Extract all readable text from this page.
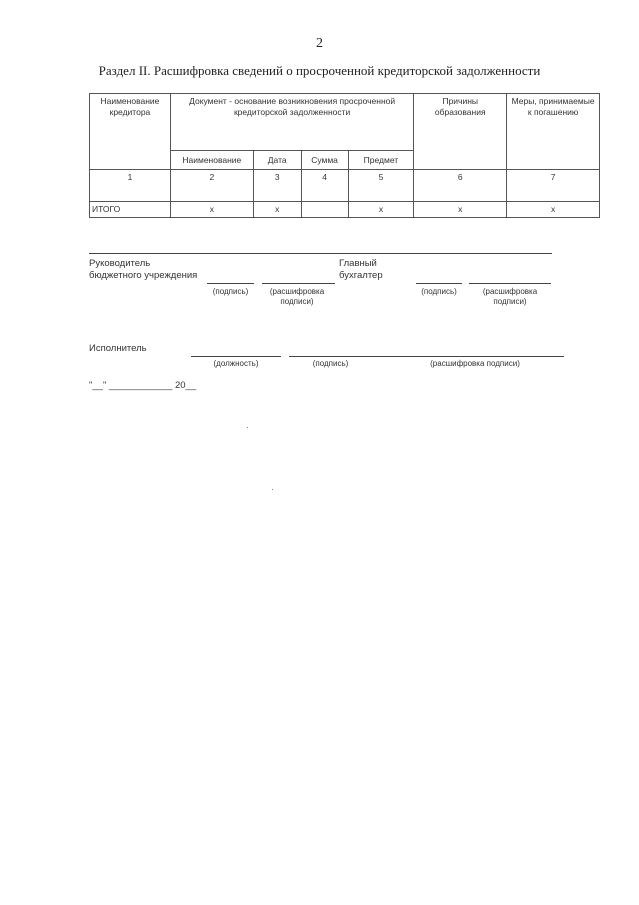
2
Раздел II. Расшифровка сведений о просроченной кредиторской задолженности
Наименование кредитора	Документ - основание возникновения просроченной кредиторской задолженности				Причины образования	Меры, принимаемые к погашению
	Наименование	Дата	Сумма	Предмет		
1	2	3	4	5	6	7
ИТОГО	x	x		x	x	x
Руководитель
бюджетного учреждения
(подпись)	(расшифровка подписи)
Главный
бухгалтер
(подпись)	(расшифровка подписи)
Исполнитель
(должность)	(подпись)	(расшифровка подписи)
"__" ____________ 20__
